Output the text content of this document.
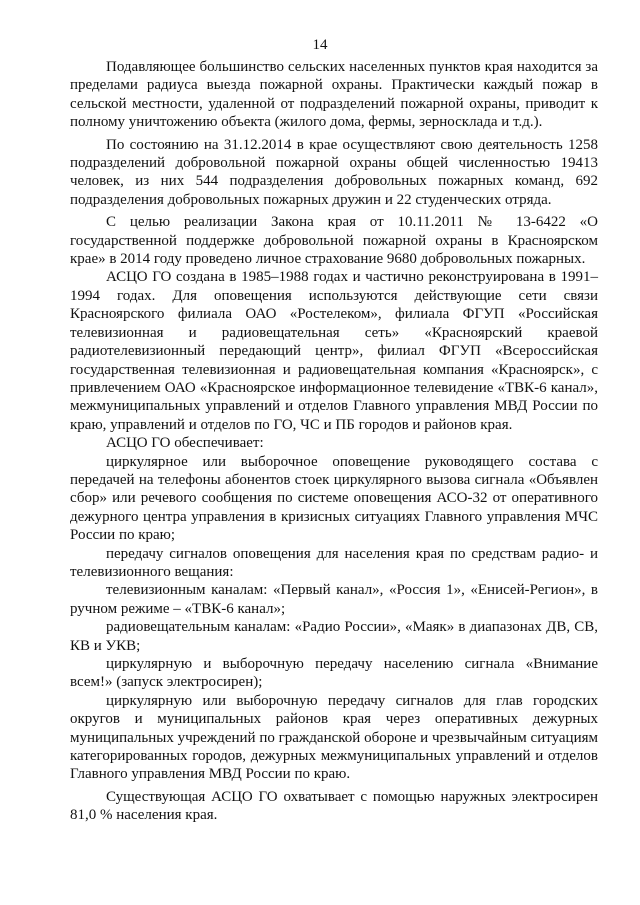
14

Подавляющее большинство сельских населенных пунктов края находится за пределами радиуса выезда пожарной охраны. Практически каждый пожар в сельской местности, удаленной от подразделений пожарной охраны, приводит к полному уничтожению объекта (жилого дома, фермы, зерносклада и т.д.).

По состоянию на 31.12.2014 в крае осуществляют свою деятельность 1258 подразделений добровольной пожарной охраны общей численностью 19413 человек, из них 544 подразделения добровольных пожарных команд, 692 подразделения добровольных пожарных дружин и 22 студенческих отряда.

С целью реализации Закона края от 10.11.2011 № 13-6422 «О государственной поддержке добровольной пожарной охраны в Красноярском крае» в 2014 году проведено личное страхование 9680 добровольных пожарных.

АСЦО ГО создана в 1985–1988 годах и частично реконструирована в 1991–1994 годах. Для оповещения используются действующие сети связи Красноярского филиала ОАО «Ростелеком», филиала ФГУП «Российская телевизионная и радиовещательная сеть» «Красноярский краевой радиотелевизионный передающий центр», филиал ФГУП «Всероссийская государственная телевизионная и радиовещательная компания «Красноярск», с привлечением ОАО «Красноярское информационное телевидение «ТВК-6 канал», межмуниципальных управлений и отделов Главного управления МВД России по краю, управлений и отделов по ГО, ЧС и ПБ городов и районов края.

АСЦО ГО обеспечивает:

циркулярное или выборочное оповещение руководящего состава с передачей на телефоны абонентов стоек циркулярного вызова сигнала «Объявлен сбор» или речевого сообщения по системе оповещения АСО-32 от оперативного дежурного центра управления в кризисных ситуациях Главного управления МЧС России по краю;

передачу сигналов оповещения для населения края по средствам радио- и телевизионного вещания:

телевизионным каналам: «Первый канал», «Россия 1», «Енисей-Регион», в ручном режиме – «ТВК-6 канал»;

радиовещательным каналам: «Радио России», «Маяк» в диапазонах ДВ, СВ, КВ и УКВ;

циркулярную и выборочную передачу населению сигнала «Внимание всем!» (запуск электросирен);

циркулярную или выборочную передачу сигналов для глав городских округов и муниципальных районов края через оперативных дежурных муниципальных учреждений по гражданской обороне и чрезвычайным ситуациям категорированных городов, дежурных межмуниципальных управлений и отделов Главного управления МВД России по краю.

Существующая АСЦО ГО охватывает с помощью наружных электросирен 81,0 % населения края.
